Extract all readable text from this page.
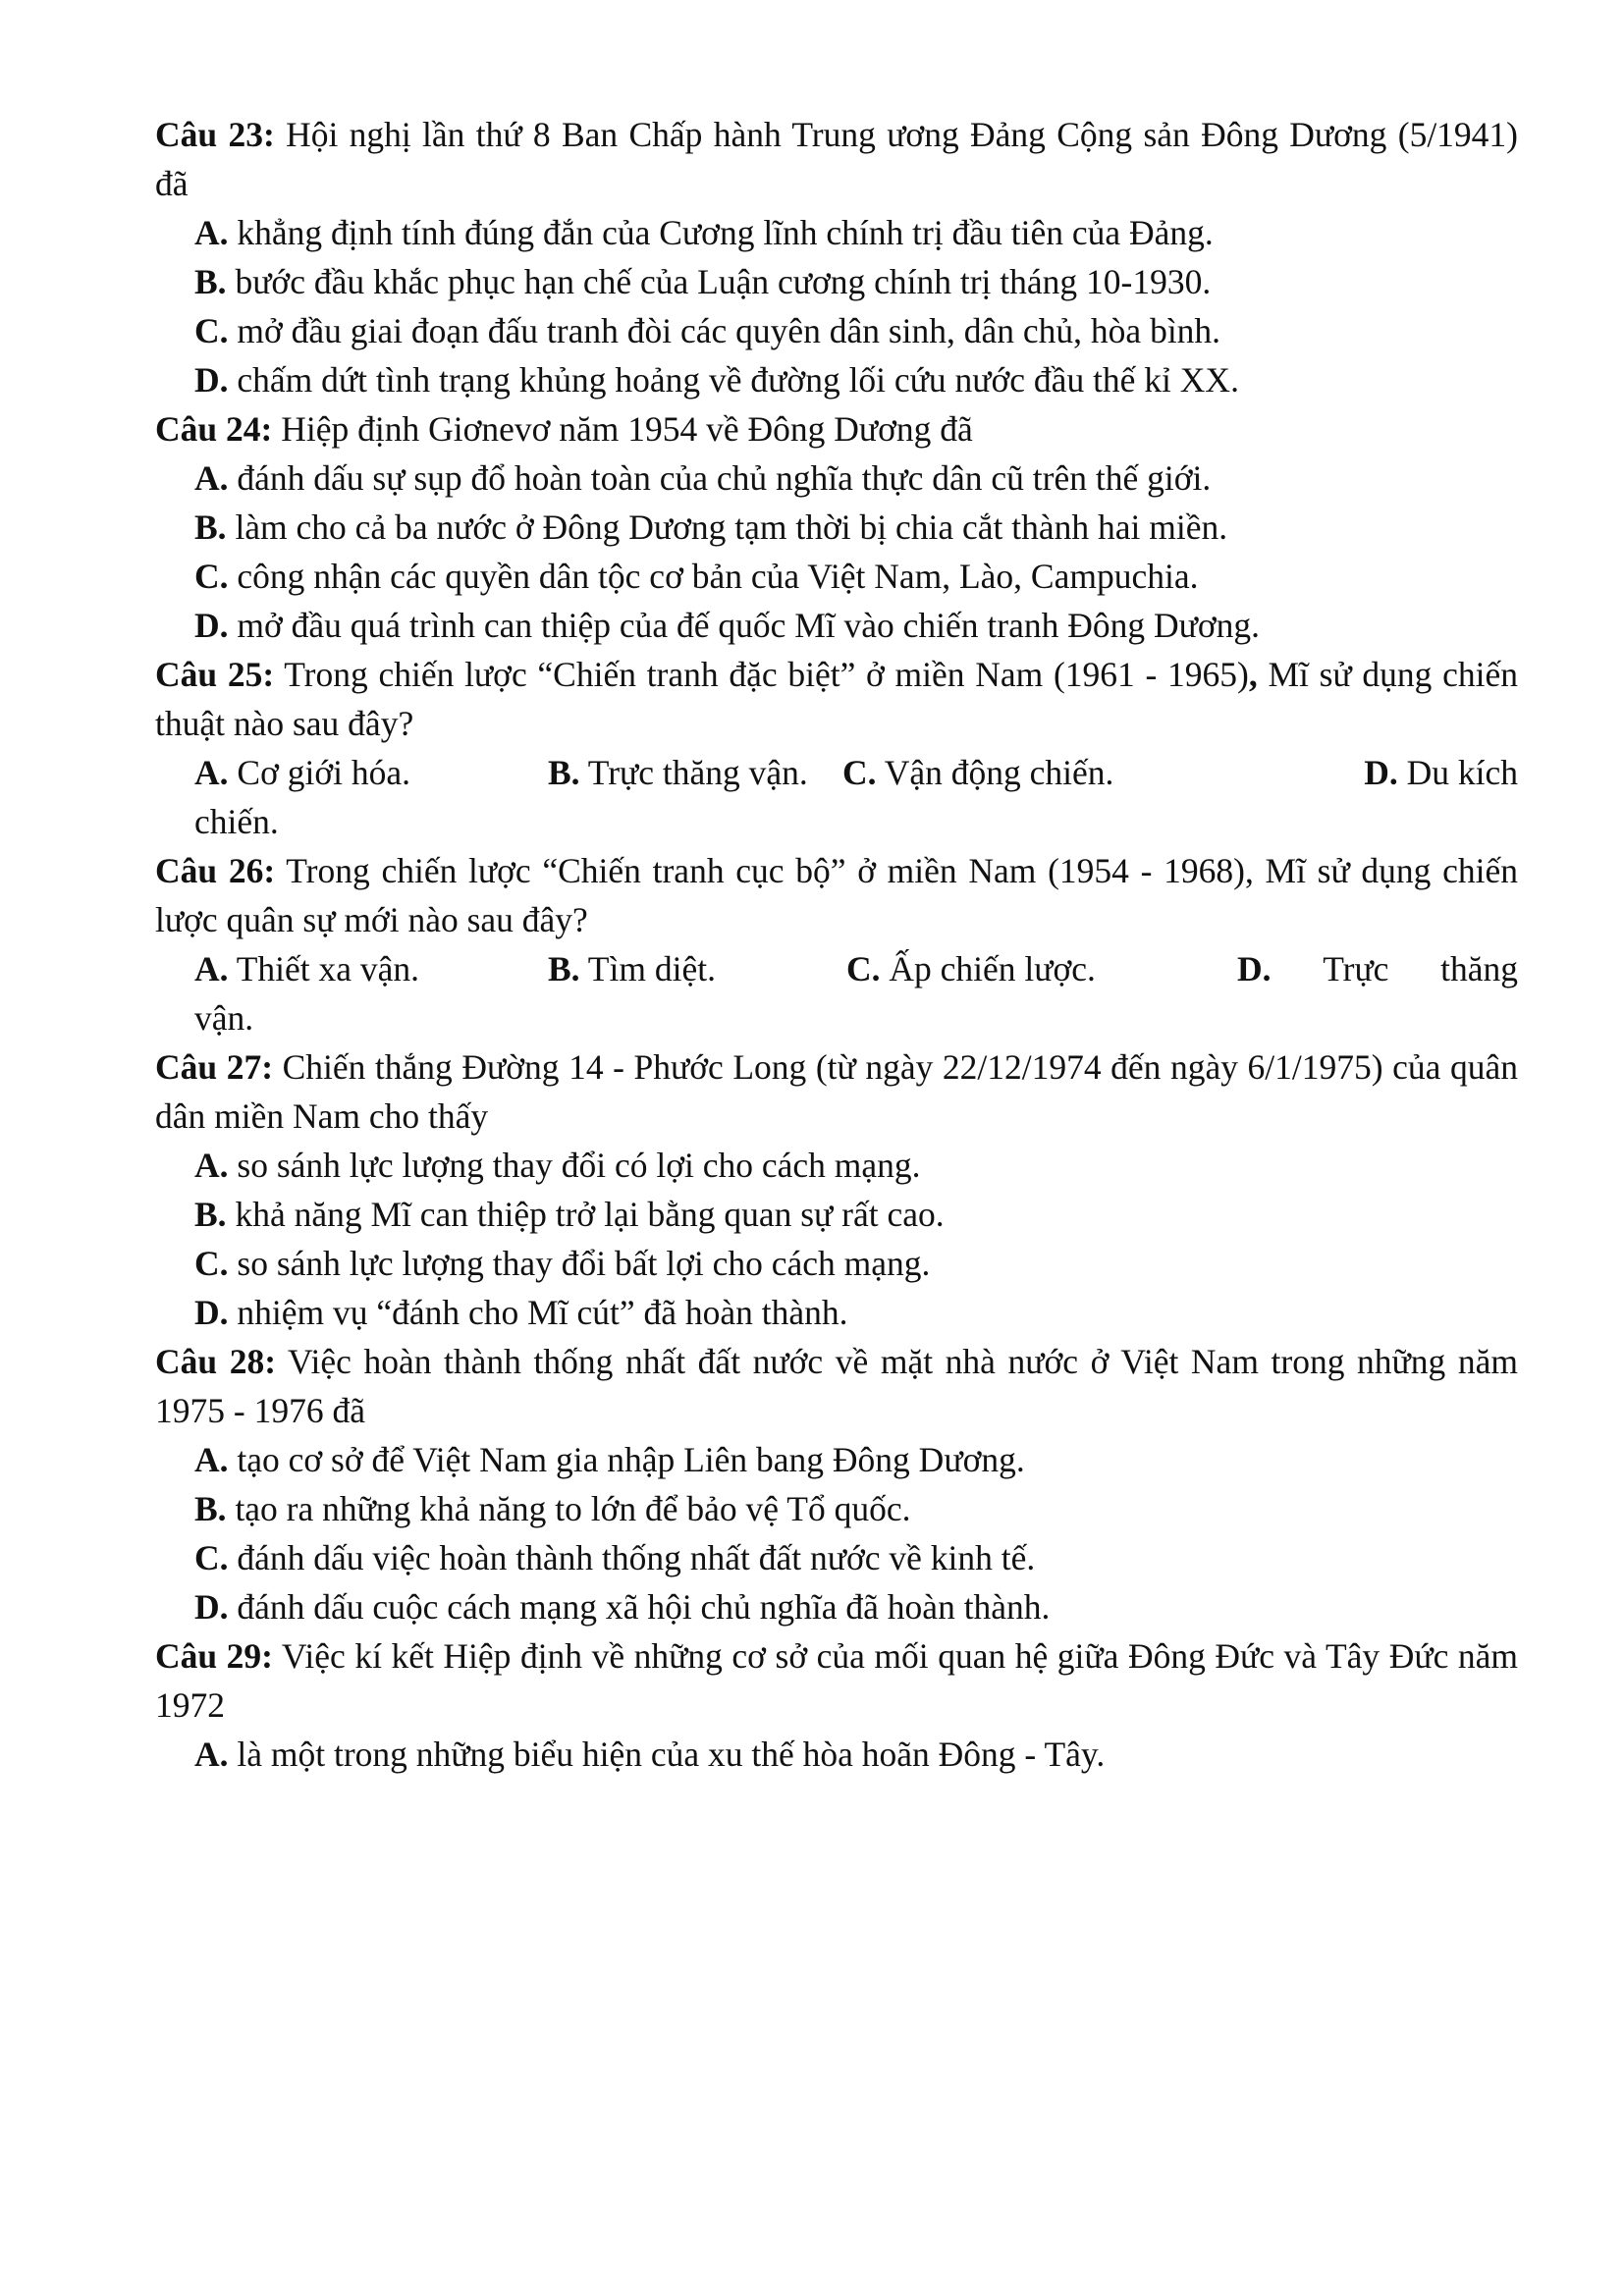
Câu 23: Hội nghị lần thứ 8 Ban Chấp hành Trung ương Đảng Cộng sản Đông Dương (5/1941) đã

A. khẳng định tính đúng đắn của Cương lĩnh chính trị đầu tiên của Đảng.

B. bước đầu khắc phục hạn chế của Luận cương chính trị tháng 10-1930.

C. mở đầu giai đoạn đấu tranh đòi các quyên dân sinh, dân chủ, hòa bình.

D. chấm dứt tình trạng khủng hoảng về đường lối cứu nước đầu thế kỉ XX.

Câu 24: Hiệp định Giơnevơ năm 1954 về Đông Dương đã

A. đánh dấu sự sụp đổ hoàn toàn của chủ nghĩa thực dân cũ trên thế giới.

B. làm cho cả ba nước ở Đông Dương tạm thời bị chia cắt thành hai miền.

C. công nhận các quyền dân tộc cơ bản của Việt Nam, Lào, Campuchia.

D. mở đầu quá trình can thiệp của đế quốc Mĩ vào chiến tranh Đông Dương.

Câu 25: Trong chiến lược “Chiến tranh đặc biệt” ở miền Nam (1961 - 1965), Mĩ sử dụng chiến thuật nào sau đây?

A. Cơ giới hóa.	B. Trực thăng vận. C. Vận động chiến.	D. Du kích
chiến.

Câu 26: Trong chiến lược “Chiến tranh cục bộ” ở miền Nam (1954 - 1968), Mĩ sử dụng chiến lược quân sự mới nào sau đây?

A. Thiết xa vận.	B. Tìm diệt.	C. Ấp chiến lược.	D. Trực thăng
vận.

Câu 27: Chiến thắng Đường 14 - Phước Long (từ ngày 22/12/1974 đến ngày 6/1/1975) của quân dân miền Nam cho thấy

A. so sánh lực lượng thay đổi có lợi cho cách mạng.

B. khả năng Mĩ can thiệp trở lại bằng quan sự rất cao.

C. so sánh lực lượng thay đổi bất lợi cho cách mạng.

D. nhiệm vụ “đánh cho Mĩ cút” đã hoàn thành.

Câu 28: Việc hoàn thành thống nhất đất nước về mặt nhà nước ở Việt Nam trong những năm 1975 - 1976 đã

A. tạo cơ sở để Việt Nam gia nhập Liên bang Đông Dương.

B. tạo ra những khả năng to lớn để bảo vệ Tổ quốc.

C. đánh dấu việc hoàn thành thống nhất đất nước về kinh tế.

D. đánh dấu cuộc cách mạng xã hội chủ nghĩa đã hoàn thành.

Câu 29: Việc kí kết Hiệp định về những cơ sở của mối quan hệ giữa Đông Đức và Tây Đức năm 1972

A. là một trong những biểu hiện của xu thế hòa hoãn Đông - Tây.
